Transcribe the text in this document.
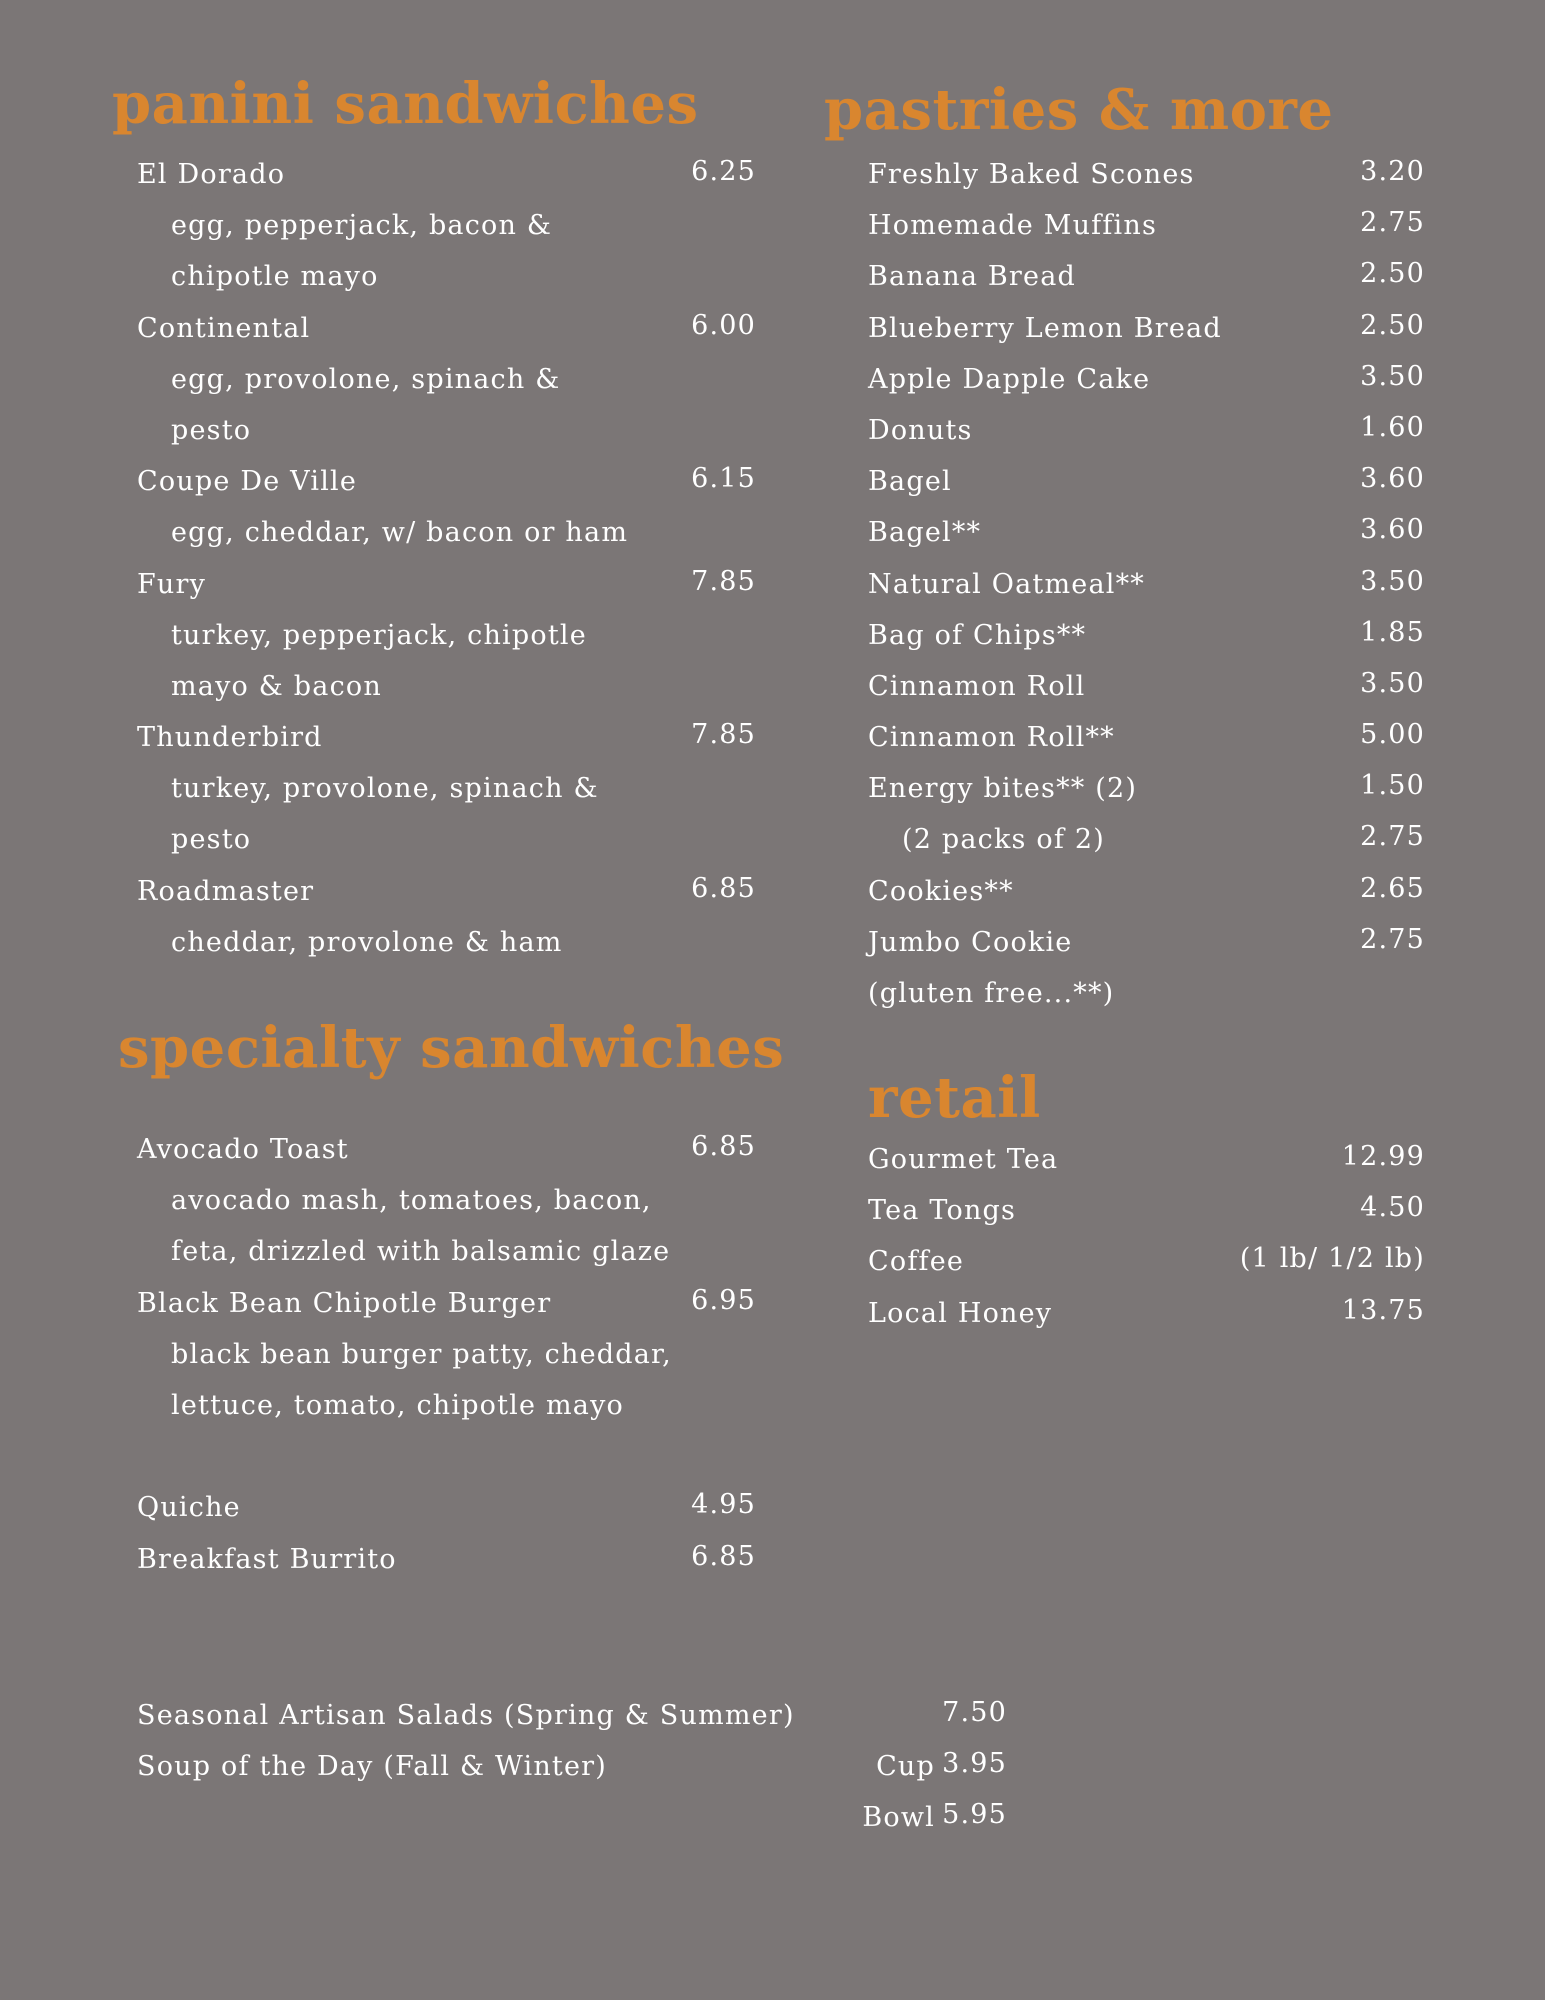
panini sandwiches
El Dorado	6.25
egg, pepperjack, bacon &
chipotle mayo
Continental	6.00
egg, provolone, spinach &
pesto
Coupe De Ville	6.15
egg, cheddar, w/ bacon or ham
Fury	7.85
turkey, pepperjack, chipotle
mayo & bacon
Thunderbird	7.85
turkey, provolone, spinach &
pesto
Roadmaster	6.85
cheddar, provolone & ham
specialty sandwiches
Avocado Toast	6.85
avocado mash, tomatoes, bacon,
feta, drizzled with balsamic glaze
Black Bean Chipotle Burger	6.95
black bean burger patty, cheddar,
lettuce, tomato, chipotle mayo
Quiche	4.95
Breakfast Burrito	6.85
pastries & more
Freshly Baked Scones	3.20
Homemade Muffins	2.75
Banana Bread	2.50
Blueberry Lemon Bread	2.50
Apple Dapple Cake	3.50
Donuts	1.60
Bagel	3.60
Bagel**	3.60
Natural Oatmeal**	3.50
Bag of Chips**	1.85
Cinnamon Roll	3.50
Cinnamon Roll**	5.00
Energy bites** (2)	1.50
(2 packs of 2)	2.75
Cookies**	2.65
Jumbo Cookie	2.75
(gluten free...**)
retail
Gourmet Tea	12.99
Tea Tongs	4.50
Coffee	(1 lb/ 1/2 lb)
Local Honey	13.75
Seasonal Artisan Salads (Spring & Summer)	7.50
Soup of the Day (Fall & Winter)	Cup 3.95
Bowl 5.95
